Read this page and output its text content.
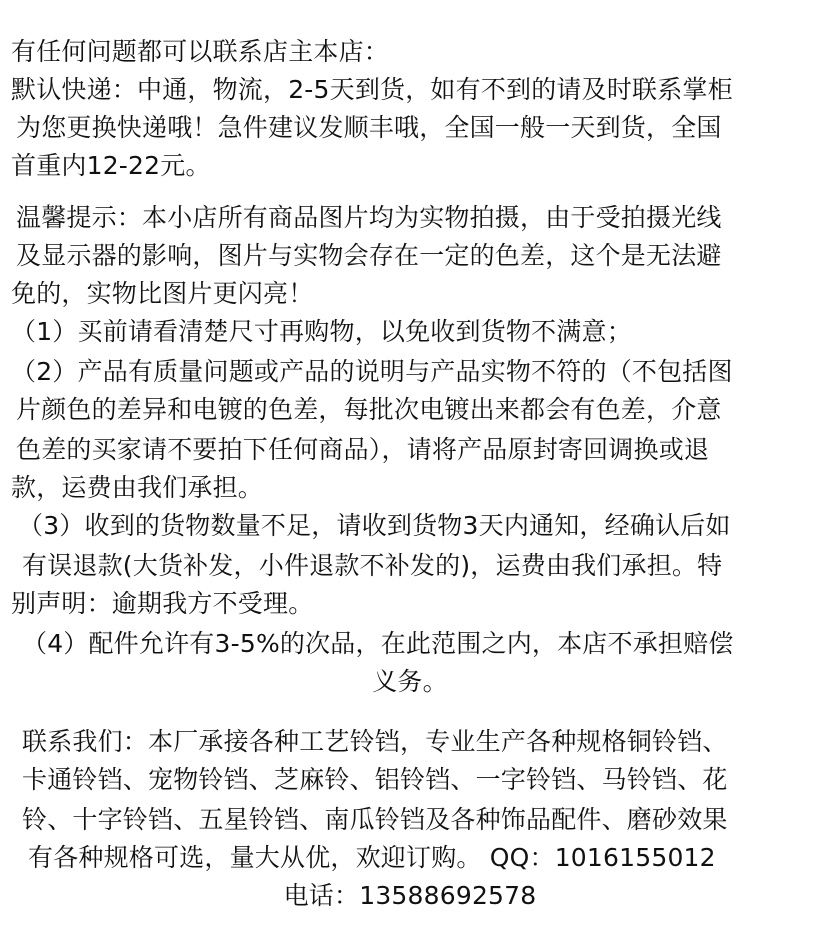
有任何问题都可以联系店主本店：
默认快递：中通，物流，2-5天到货，如有不到的请及时联系掌柜
为您更换快递哦！急件建议发顺丰哦，全国一般一天到货，全国
首重内12-22元。
温馨提示：本小店所有商品图片均为实物拍摄，由于受拍摄光线
及显示器的影响，图片与实物会存在一定的色差，这个是无法避
免的，实物比图片更闪亮！
（1）买前请看清楚尺寸再购物，以免收到货物不满意；
（2）产品有质量问题或产品的说明与产品实物不符的（不包括图
片颜色的差异和电镀的色差，每批次电镀出来都会有色差，介意
色差的买家请不要拍下任何商品），请将产品原封寄回调换或退
款，运费由我们承担。
（3）收到的货物数量不足，请收到货物3天内通知，经确认后如
有误退款(大货补发，小件退款不补发的)，运费由我们承担。特
别声明：逾期我方不受理。
（4）配件允许有3-5%的次品，在此范围之内，本店不承担赔偿
义务。
联系我们：本厂承接各种工艺铃铛，专业生产各种规格铜铃铛、
卡通铃铛、宠物铃铛、芝麻铃、铝铃铛、一字铃铛、马铃铛、花
铃、十字铃铛、五星铃铛、南瓜铃铛及各种饰品配件、磨砂效果
有各种规格可选，量大从优，欢迎订购。 QQ：1016155012
电话：13588692578
